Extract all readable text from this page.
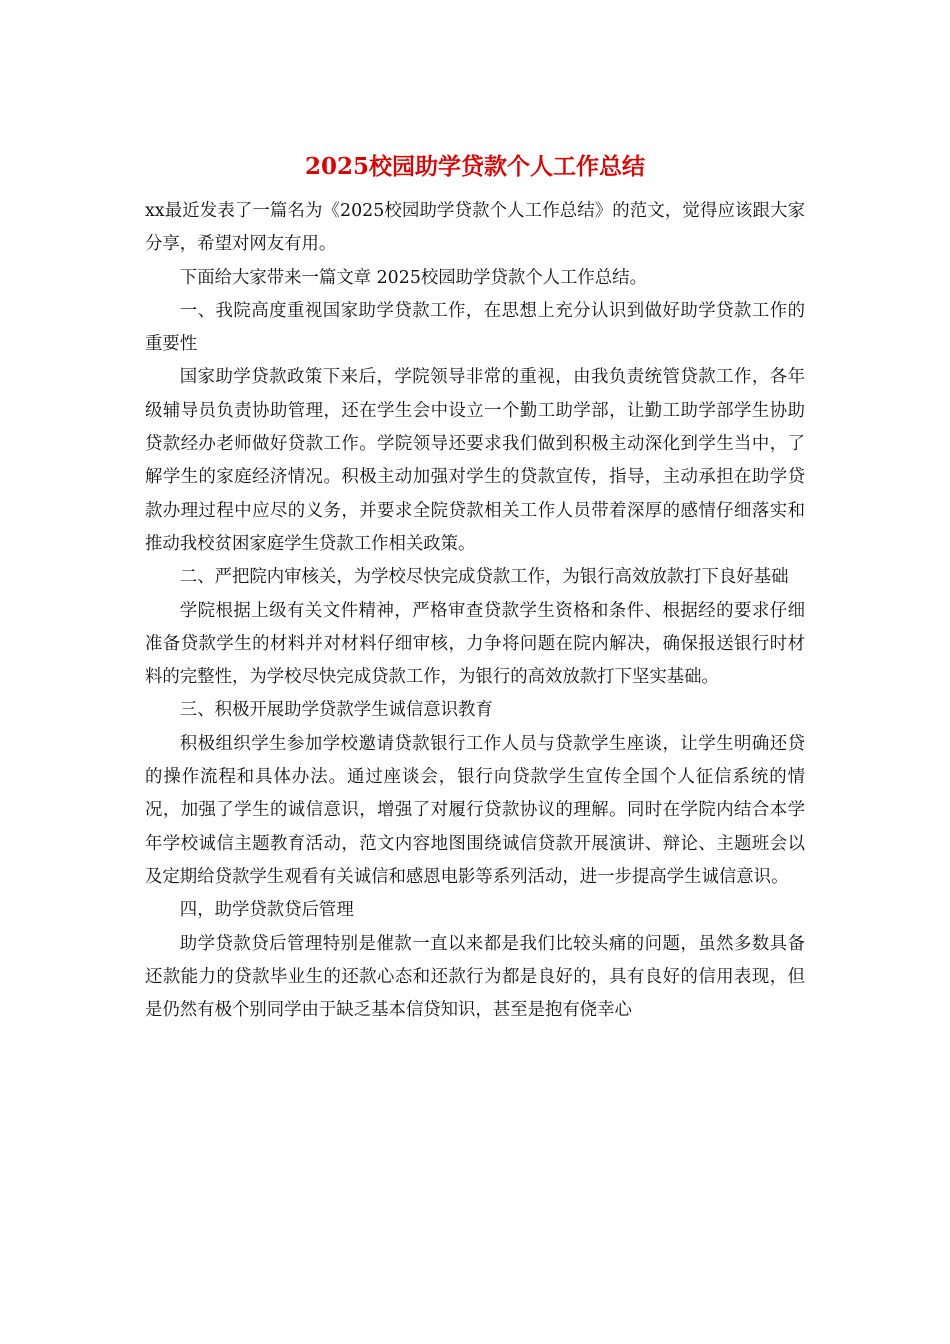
2025校园助学贷款个人工作总结

xx最近发表了一篇名为《2025校园助学贷款个人工作总结》的范文，觉得应该跟大家分享，希望对网友有用。

下面给大家带来一篇文章 2025校园助学贷款个人工作总结。

一、我院高度重视国家助学贷款工作，在思想上充分认识到做好助学贷款工作的重要性

国家助学贷款政策下来后，学院领导非常的重视，由我负责统管贷款工作，各年级辅导员负责协助管理，还在学生会中设立一个勤工助学部，让勤工助学部学生协助贷款经办老师做好贷款工作。学院领导还要求我们做到积极主动深化到学生当中，了解学生的家庭经济情况。积极主动加强对学生的贷款宣传，指导，主动承担在助学贷款办理过程中应尽的义务，并要求全院贷款相关工作人员带着深厚的感情仔细落实和推动我校贫困家庭学生贷款工作相关政策。

二、严把院内审核关，为学校尽快完成贷款工作，为银行高效放款打下良好基础

学院根据上级有关文件精神，严格审查贷款学生资格和条件、根据经的要求仔细准备贷款学生的材料并对材料仔细审核，力争将问题在院内解决，确保报送银行时材料的完整性，为学校尽快完成贷款工作，为银行的高效放款打下坚实基础。

三、积极开展助学贷款学生诚信意识教育

积极组织学生参加学校邀请贷款银行工作人员与贷款学生座谈，让学生明确还贷的操作流程和具体办法。通过座谈会，银行向贷款学生宣传全国个人征信系统的情况，加强了学生的诚信意识，增强了对履行贷款协议的理解。同时在学院内结合本学年学校诚信主题教育活动，范文内容地图围绕诚信贷款开展演讲、辩论、主题班会以及定期给贷款学生观看有关诚信和感恩电影等系列活动，进一步提高学生诚信意识。

四，助学贷款贷后管理

助学贷款贷后管理特别是催款一直以来都是我们比较头痛的问题，虽然多数具备还款能力的贷款毕业生的还款心态和还款行为都是良好的，具有良好的信用表现，但是仍然有极个别同学由于缺乏基本信贷知识，甚至是抱有侥幸心
